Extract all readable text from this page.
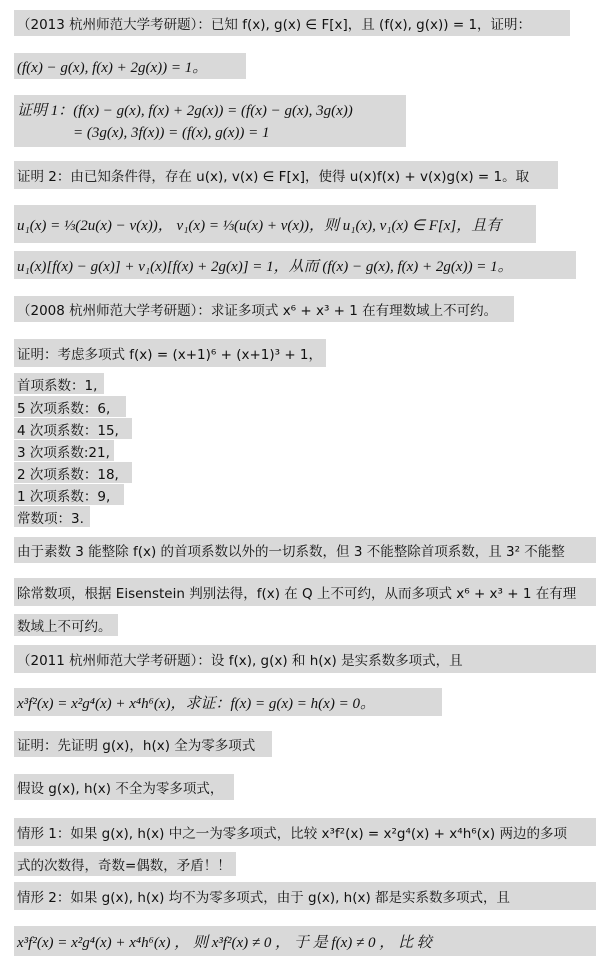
（2013 杭州师范大学考研题）：已知 f(x), g(x) ∈ F[x]，且 (f(x), g(x)) = 1，证明：
(f(x) − g(x), f(x) + 2g(x)) = 1。
证明 1：(f(x) − g(x), f(x) + 2g(x)) = (f(x) − g(x), 3g(x))
= (3g(x), 3f(x)) = (f(x), g(x)) = 1
证明 2：由已知条件得，存在 u(x), v(x) ∈ F[x]，使得 u(x)f(x) + v(x)g(x) = 1。取
u₁(x) = ⅓(2u(x) − v(x))， v₁(x) = ⅓(u(x) + v(x))，则 u₁(x), v₁(x) ∈ F[x]，且有
u₁(x)[f(x) − g(x)] + v₁(x)[f(x) + 2g(x)] = 1，从而 (f(x) − g(x), f(x) + 2g(x)) = 1。
（2008 杭州师范大学考研题）：求证多项式 x⁶ + x³ + 1 在有理数域上不可约。
证明：考虑多项式 f(x) = (x+1)⁶ + (x+1)³ + 1，
首项系数：1,
5 次项系数：6,
4 次项系数：15,
3 次项系数:21,
2 次项系数：18,
1 次项系数：9,
常数项：3.
由于素数 3 能整除 f(x) 的首项系数以外的一切系数，但 3 不能整除首项系数，且 3² 不能整
除常数项，根据 Eisenstein 判别法得，f(x) 在 Q 上不可约，从而多项式 x⁶ + x³ + 1 在有理
数域上不可约。
（2011 杭州师范大学考研题）：设 f(x), g(x) 和 h(x) 是实系数多项式，且
x³f²(x) = x²g⁴(x) + x⁴h⁶(x)，求证：f(x) = g(x) = h(x) = 0。
证明：先证明 g(x)，h(x) 全为零多项式
假设 g(x), h(x) 不全为零多项式，
情形 1：如果 g(x), h(x) 中之一为零多项式，比较 x³f²(x) = x²g⁴(x) + x⁴h⁶(x) 两边的多项
式的次数得，奇数=偶数，矛盾！！
情形 2：如果 g(x), h(x) 均不为零多项式，由于 g(x), h(x) 都是实系数多项式，且
x³f²(x) = x²g⁴(x) + x⁴h⁶(x) ， 则 x³f²(x) ≠ 0 ， 于 是 f(x) ≠ 0 ， 比 较
